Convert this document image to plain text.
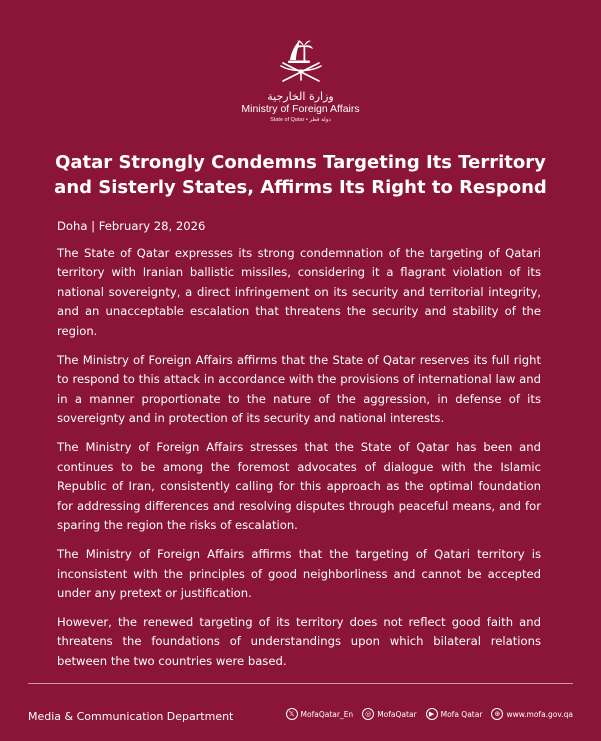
وزارة الخارجية
Ministry of Foreign Affairs
State of Qatar • دولة قطر
Qatar Strongly Condemns Targeting Its Territory
and Sisterly States, Affirms Its Right to Respond

Doha | February 28, 2026

The State of Qatar expresses its strong condemnation of the targeting of Qatari territory with Iranian ballistic missiles, considering it a flagrant violation of its national sovereignty, a direct infringement on its security and territorial integrity, and an unacceptable escalation that threatens the security and stability of the region.

The Ministry of Foreign Affairs affirms that the State of Qatar reserves its full right to respond to this attack in accordance with the provisions of international law and in a manner proportionate to the nature of the aggression, in defense of its sovereignty and in protection of its security and national interests.

The Ministry of Foreign Affairs stresses that the State of Qatar has been and continues to be among the foremost advocates of dialogue with the Islamic Republic of Iran, consistently calling for this approach as the optimal foundation for addressing differences and resolving disputes through peaceful means, and for sparing the region the risks of escalation.

The Ministry of Foreign Affairs affirms that the targeting of Qatari territory is inconsistent with the principles of good neighborliness and cannot be accepted under any pretext or justification.

However, the renewed targeting of its territory does not reflect good faith and threatens the foundations of understandings upon which bilateral relations between the two countries were based.

Media & Communication Department	𝕏 MofaQatar_En	◎ MofaQatar	▶ Mofa Qatar	⊕ www.mofa.gov.qa
